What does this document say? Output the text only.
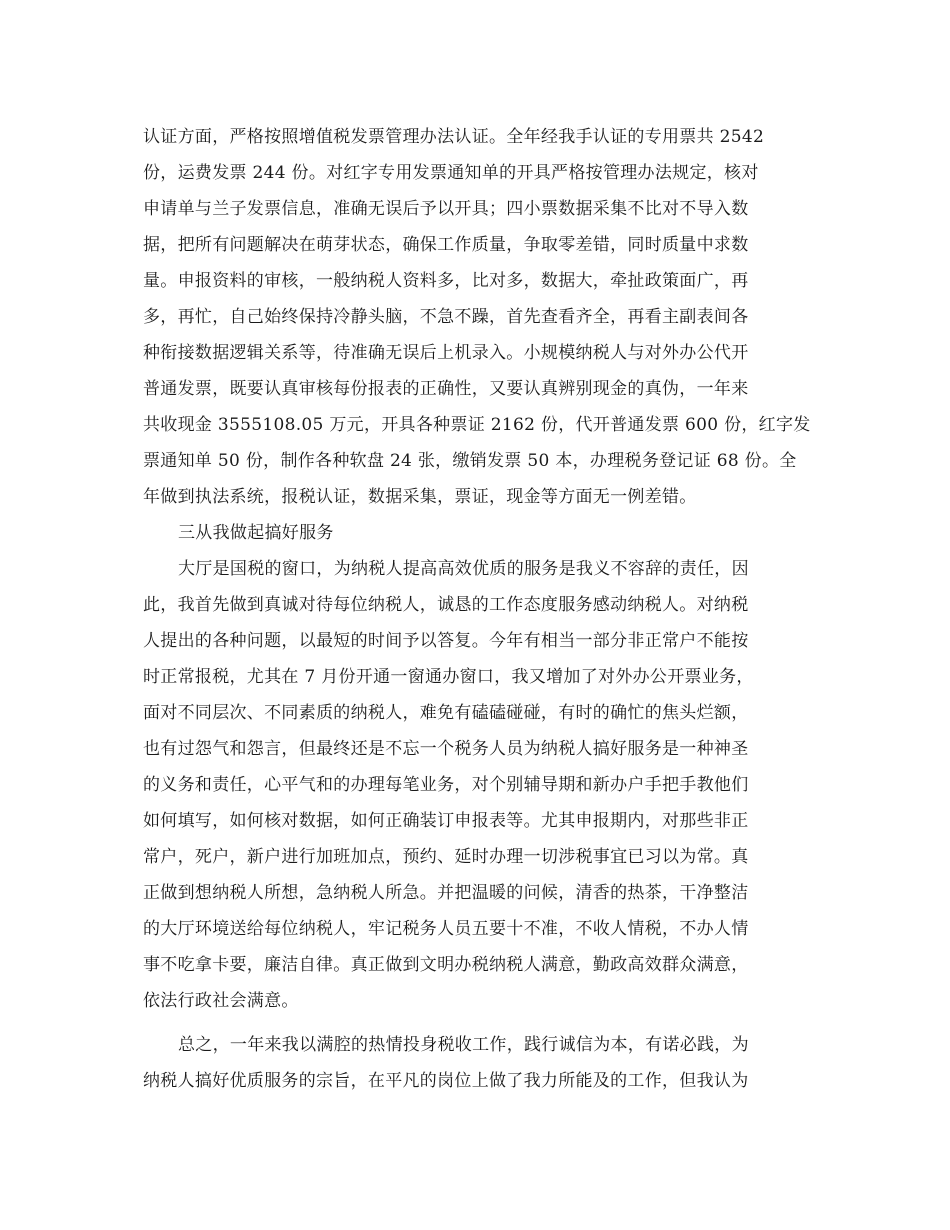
认证方面，严格按照增值税发票管理办法认证。全年经我手认证的专用票共 2542
份，运费发票 244 份。对红字专用发票通知单的开具严格按管理办法规定，核对
申请单与兰子发票信息，准确无误后予以开具；四小票数据采集不比对不导入数
据，把所有问题解决在萌芽状态，确保工作质量，争取零差错，同时质量中求数
量。申报资料的审核，一般纳税人资料多，比对多，数据大，牵扯政策面广，再
多，再忙，自己始终保持冷静头脑，不急不躁，首先查看齐全，再看主副表间各
种衔接数据逻辑关系等，待准确无误后上机录入。小规模纳税人与对外办公代开
普通发票，既要认真审核每份报表的正确性，又要认真辨别现金的真伪，一年来
共收现金 3555108.05 万元，开具各种票证 2162 份，代开普通发票 600 份，红字发
票通知单 50 份，制作各种软盘 24 张，缴销发票 50 本，办理税务登记证 68 份。全
年做到执法系统，报税认证，数据采集，票证，现金等方面无一例差错。
三从我做起搞好服务
大厅是国税的窗口，为纳税人提高高效优质的服务是我义不容辞的责任，因
此，我首先做到真诚对待每位纳税人，诚恳的工作态度服务感动纳税人。对纳税
人提出的各种问题，以最短的时间予以答复。今年有相当一部分非正常户不能按
时正常报税，尤其在 7 月份开通一窗通办窗口，我又增加了对外办公开票业务，
面对不同层次、不同素质的纳税人，难免有磕磕碰碰，有时的确忙的焦头烂额，
也有过怨气和怨言，但最终还是不忘一个税务人员为纳税人搞好服务是一种神圣
的义务和责任，心平气和的办理每笔业务，对个别辅导期和新办户手把手教他们
如何填写，如何核对数据，如何正确装订申报表等。尤其申报期内，对那些非正
常户，死户，新户进行加班加点，预约、延时办理一切涉税事宜已习以为常。真
正做到想纳税人所想，急纳税人所急。并把温暖的问候，清香的热茶，干净整洁
的大厅环境送给每位纳税人，牢记税务人员五要十不准，不收人情税，不办人情
事不吃拿卡要，廉洁自律。真正做到文明办税纳税人满意，勤政高效群众满意，
依法行政社会满意。
总之，一年来我以满腔的热情投身税收工作，践行诚信为本，有诺必践，为
纳税人搞好优质服务的宗旨，在平凡的岗位上做了我力所能及的工作，但我认为
